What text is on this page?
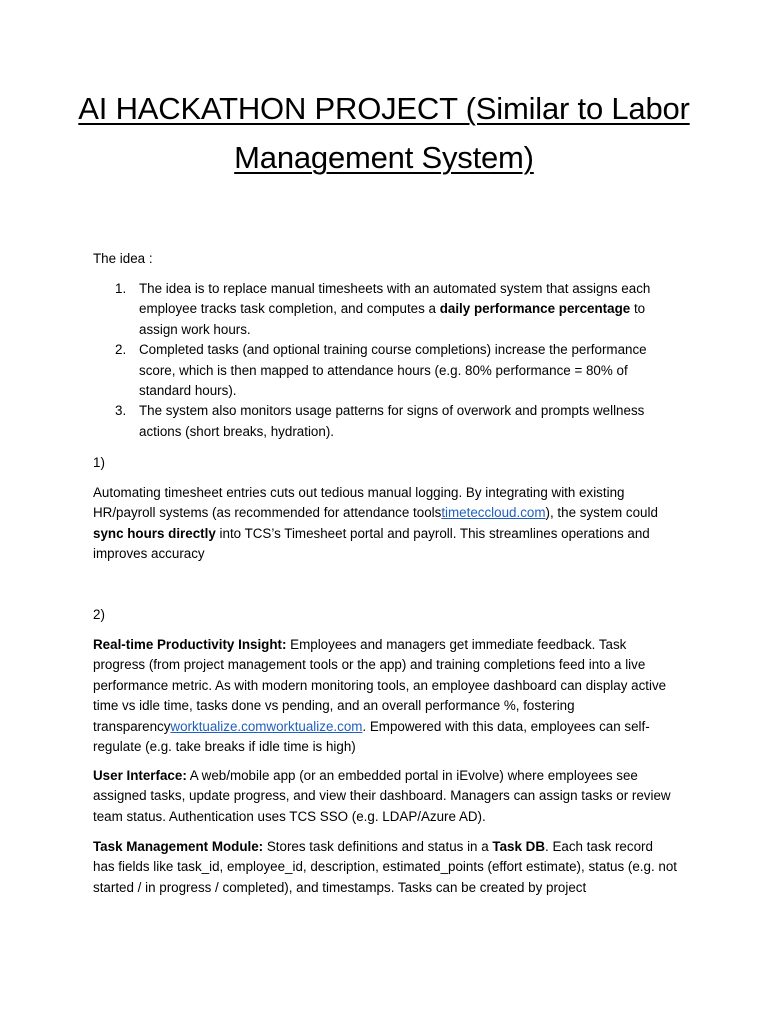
AI HACKATHON PROJECT (Similar to Labor Management System)

The idea :

1. The idea is to replace manual timesheets with an automated system that assigns each employee tracks task completion, and computes a daily performance percentage to assign work hours.
2. Completed tasks (and optional training course completions) increase the performance score, which is then mapped to attendance hours (e.g. 80% performance = 80% of standard hours).
3. The system also monitors usage patterns for signs of overwork and prompts wellness actions (short breaks, hydration).

1)

Automating timesheet entries cuts out tedious manual logging. By integrating with existing HR/payroll systems (as recommended for attendance toolstimeteccloud.com), the system could sync hours directly into TCS’s Timesheet portal and payroll. This streamlines operations and improves accuracy

2)

Real-time Productivity Insight: Employees and managers get immediate feedback. Task progress (from project management tools or the app) and training completions feed into a live performance metric. As with modern monitoring tools, an employee dashboard can display active time vs idle time, tasks done vs pending, and an overall performance %, fostering transparencyworktualize.comworktualize.com. Empowered with this data, employees can self-regulate (e.g. take breaks if idle time is high)

User Interface: A web/mobile app (or an embedded portal in iEvolve) where employees see assigned tasks, update progress, and view their dashboard. Managers can assign tasks or review team status. Authentication uses TCS SSO (e.g. LDAP/Azure AD).

Task Management Module: Stores task definitions and status in a Task DB. Each task record has fields like task_id, employee_id, description, estimated_points (effort estimate), status (e.g. not started / in progress / completed), and timestamps. Tasks can be created by project
